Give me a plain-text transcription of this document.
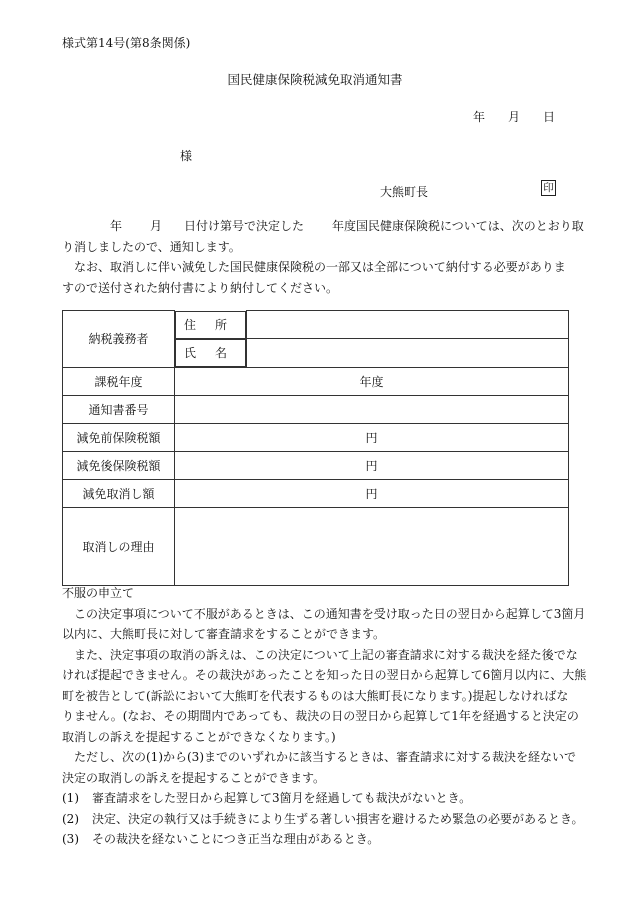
様式第14号(第8条関係)
国民健康保険税減免取消通知書
年 月 日
様
大熊町長	印
年 月 日付け第号で決定した 年度国民健康保険税については、次のとおり取
り消しましたので、通知します。
なお、取消しに伴い減免した国民健康保険税の一部又は全部について納付する必要がありま
すので送付された納付書により納付してください。
納税義務者	
住 所

氏 名

課税年度	年度	
通知書番号		
減免前保険税額	円	
減免後保険税額	円	
減免取消し額	円	
取消しの理由		
不服の申立て
この決定事項について不服があるときは、この通知書を受け取った日の翌日から起算して3箇月
以内に、大熊町長に対して審査請求をすることができます。
また、決定事項の取消の訴えは、この決定について上記の審査請求に対する裁決を経た後でな
ければ提起できません。その裁決があったことを知った日の翌日から起算して6箇月以内に、大熊
町を被告として(訴訟において大熊町を代表するものは大熊町長になります。)提起しなければな
りません。(なお、その期間内であっても、裁決の日の翌日から起算して1年を経過すると決定の
取消しの訴えを提起することができなくなります。)
ただし、次の(1)から(3)までのいずれかに該当するときは、審査請求に対する裁決を経ないで
決定の取消しの訴えを提起することができます。
(1) 審査請求をした翌日から起算して3箇月を経過しても裁決がないとき。
(2) 決定、決定の執行又は手続きにより生ずる著しい損害を避けるため緊急の必要があるとき。
(3) その裁決を経ないことにつき正当な理由があるとき。
